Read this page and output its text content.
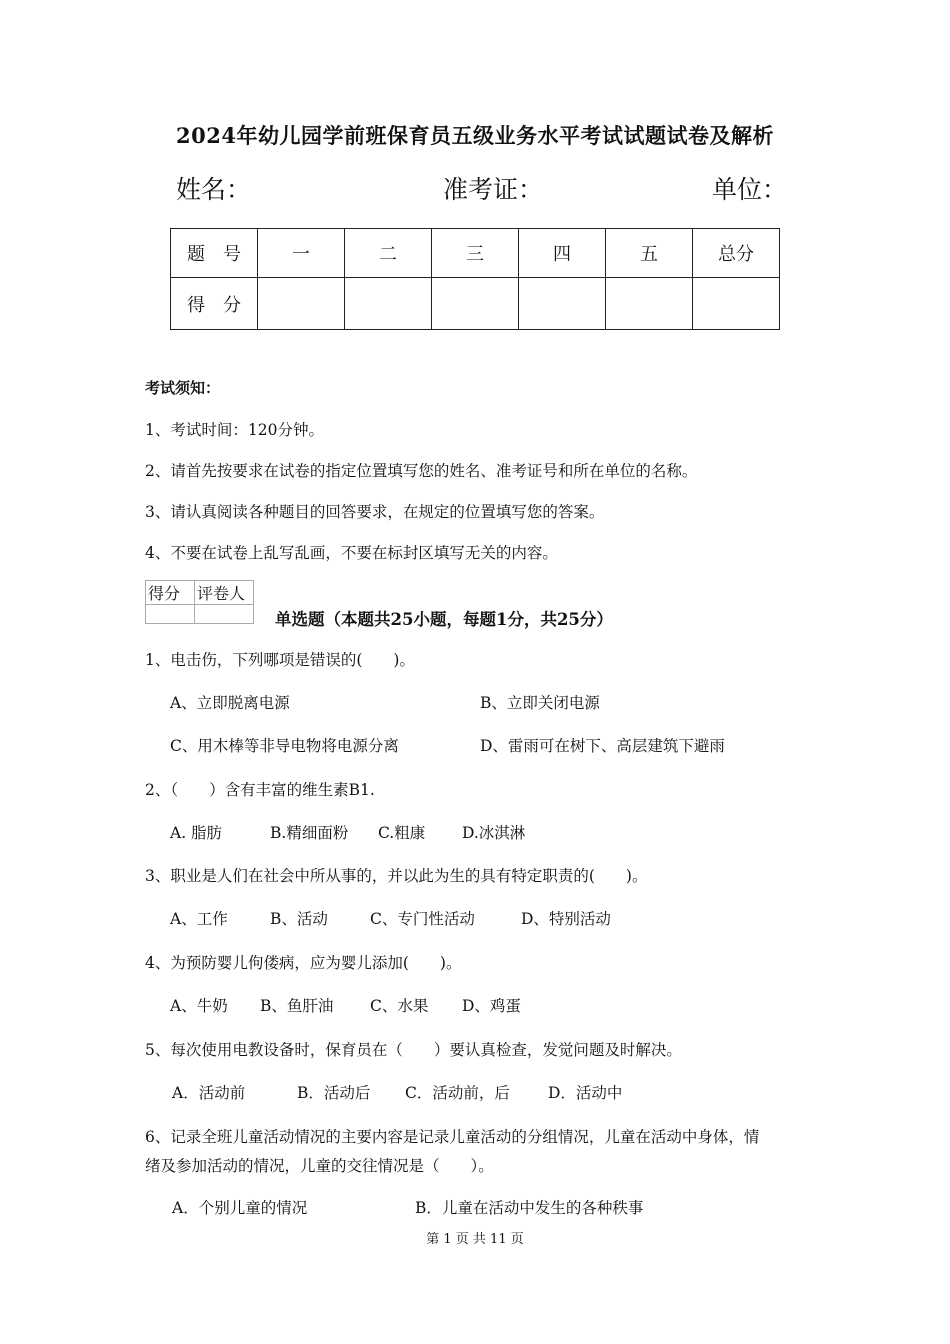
2024年幼儿园学前班保育员五级业务水平考试试题试卷及解析
姓名：	准考证：	单位：
题　号	一	二	三	四	五	总分
得　分						
考试须知：
1、考试时间：120分钟。
2、请首先按要求在试卷的指定位置填写您的姓名、准考证号和所在单位的名称。
3、请认真阅读各种题目的回答要求，在规定的位置填写您的答案。
4、不要在试卷上乱写乱画，不要在标封区填写无关的内容。
得分	评卷人

单选题（本题共25小题，每题1分，共25分）
1、电击伤，下列哪项是错误的(　　)。
A、立即脱离电源	B、立即关闭电源
C、用木棒等非导电物将电源分离	D、雷雨可在树下、高层建筑下避雨
2、（　　）含有丰富的维生素B1.
A. 脂肪	B.精细面粉 C.粗康 D.冰淇淋
3、职业是人们在社会中所从事的，并以此为生的具有特定职责的(　　)。
A、工作	B、活动	C、专门性活动	D、特别活动
4、为预防婴儿佝偻病，应为婴儿添加(　　)。
A、牛奶 B、鱼肝油 C、水果 D、鸡蛋
5、每次使用电教设备时，保育员在（　　）要认真检查，发觉问题及时解决。
A．活动前	B．活动后 C．活动前，后 D．活动中
6、记录全班儿童活动情况的主要内容是记录儿童活动的分组情况，儿童在活动中身体，情
绪及参加活动的情况，儿童的交往情况是（　　）。
A．个别儿童的情况	B．儿童在活动中发生的各种秩事
第 1 页 共 11 页
